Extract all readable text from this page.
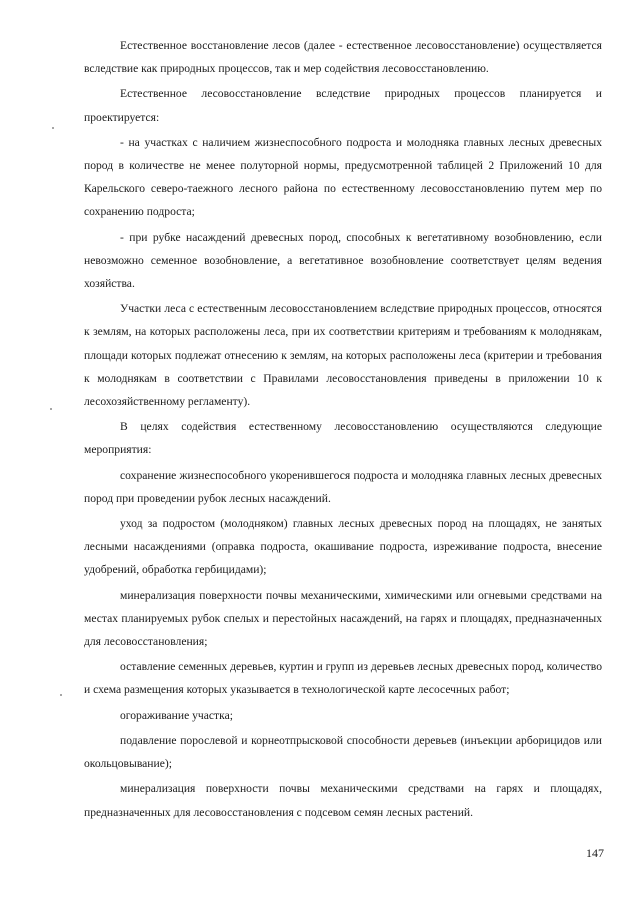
Естественное восстановление лесов (далее - естественное лесовосстановление) осуществляется вследствие как природных процессов, так и мер содействия лесовосстановлению.

Естественное лесовосстановление вследствие природных процессов планируется и проектируется:

- на участках с наличием жизнеспособного подроста и молодняка главных лесных древесных пород в количестве не менее полуторной нормы, предусмотренной таблицей 2 Приложений 10 для Карельского северо-таежного лесного района по естественному лесовосстановлению путем мер по сохранению подроста;

- при рубке насаждений древесных пород, способных к вегетативному возобновлению, если невозможно семенное возобновление, а вегетативное возобновление соответствует целям ведения хозяйства.

Участки леса с естественным лесовосстановлением вследствие природных процессов, относятся к землям, на которых расположены леса, при их соответствии критериям и требованиям к молоднякам, площади которых подлежат отнесению к землям, на которых расположены леса (критерии и требования к молоднякам в соответствии с Правилами лесовосстановления приведены в приложении 10 к лесохозяйственному регламенту).

В целях содействия естественному лесовосстановлению осуществляются следующие мероприятия:

сохранение жизнеспособного укоренившегося подроста и молодняка главных лесных древесных пород при проведении рубок лесных насаждений.

уход за подростом (молодняком) главных лесных древесных пород на площадях, не занятых лесными насаждениями (оправка подроста, окашивание подроста, изреживание подроста, внесение удобрений, обработка гербицидами);

минерализация поверхности почвы механическими, химическими или огневыми средствами на местах планируемых рубок спелых и перестойных насаждений, на гарях и площадях, предназначенных для лесовосстановления;

оставление семенных деревьев, куртин и групп из деревьев лесных древесных пород, количество и схема размещения которых указывается в технологической карте лесосечных работ;

огораживание участка;

подавление порослевой и корнеотпрысковой способности деревьев (инъекции арборицидов или окольцовывание);

минерализация поверхности почвы механическими средствами на гарях и площадях, предназначенных для лесовосстановления с подсевом семян лесных растений.

147
